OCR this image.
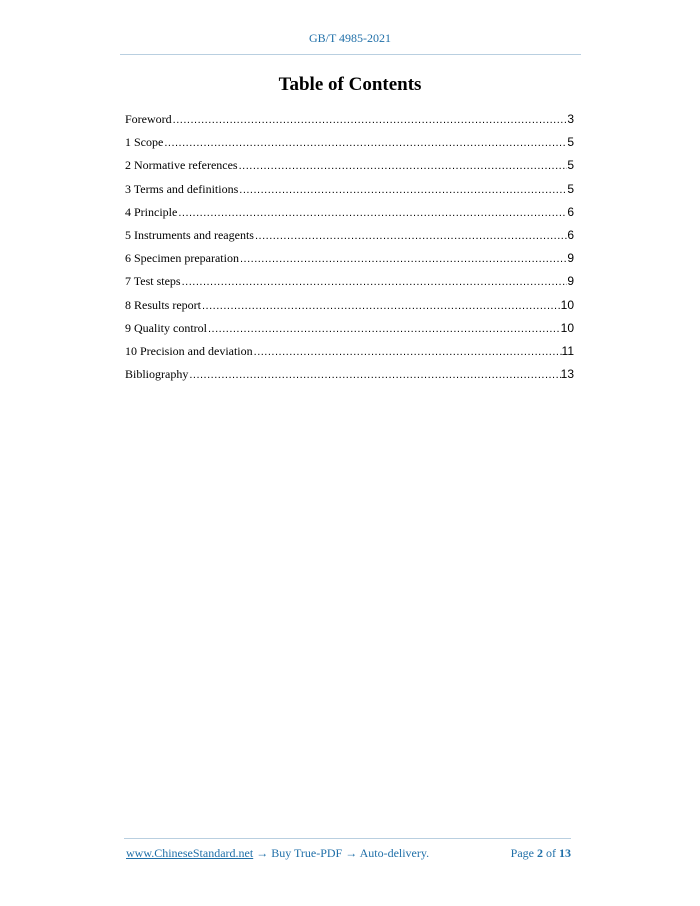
GB/T 4985-2021
Table of Contents
Foreword .....	3
1 Scope .....	5
2 Normative references .....	5
3 Terms and definitions .....	5
4 Principle .....	6
5 Instruments and reagents .....	6
6 Specimen preparation .....	9
7 Test steps .....	9
8 Results report .....	10
9 Quality control .....	10
10 Precision and deviation .....	11
Bibliography .....	13
www.ChineseStandard.net → Buy True-PDF → Auto-delivery.	Page 2 of 13
